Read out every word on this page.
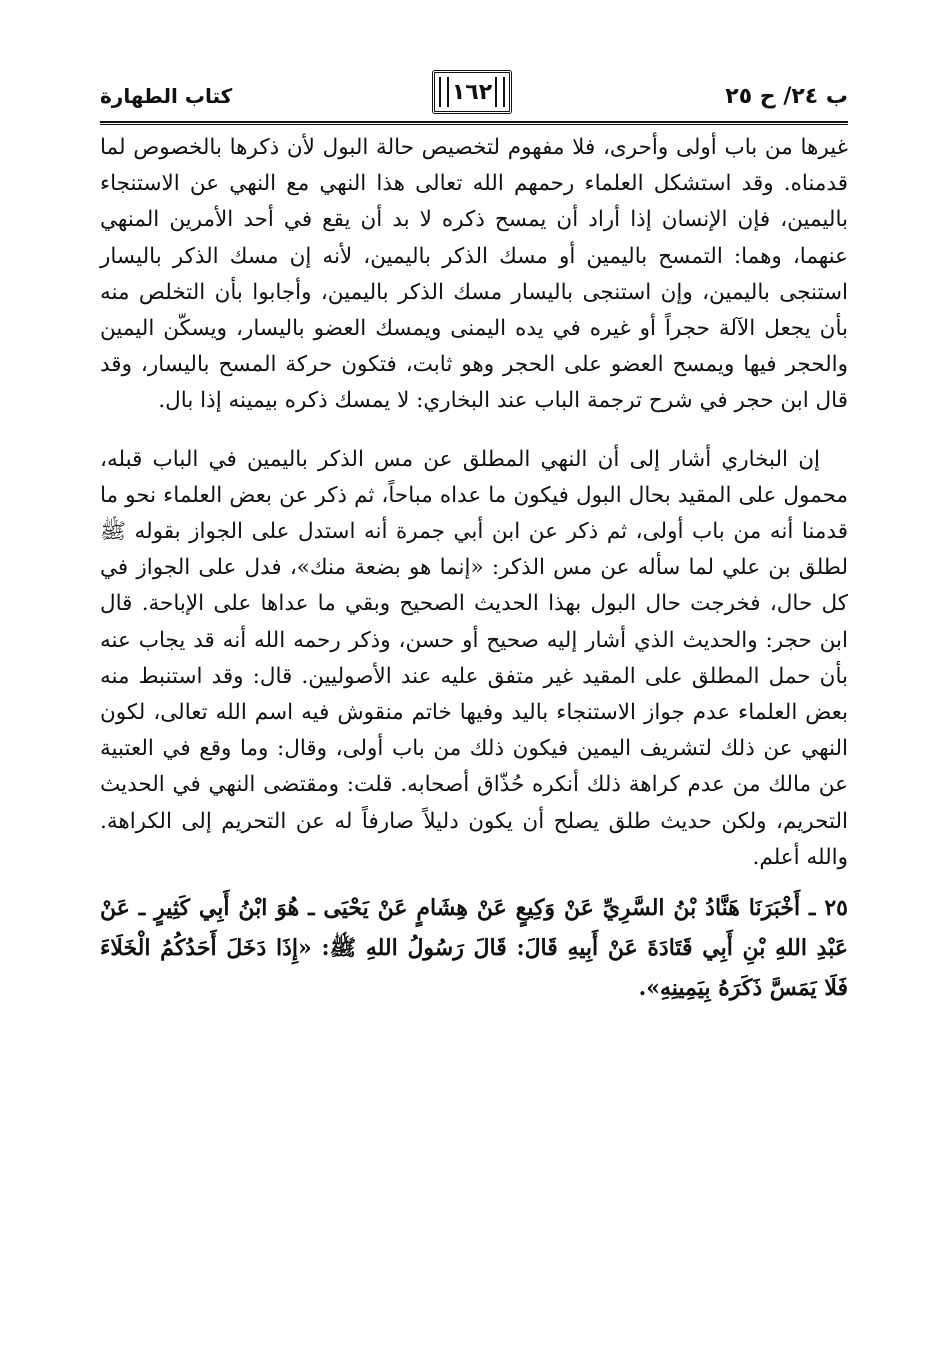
ب ٢٤/ ح ٢٥
١٦٢
كتاب الطهارة

غيرها من باب أولى وأحرى، فلا مفهوم لتخصيص حالة البول لأن ذكرها بالخصوص لما قدمناه. وقد استشكل العلماء رحمهم الله تعالى هذا النهي مع النهي عن الاستنجاء باليمين، فإن الإنسان إذا أراد أن يمسح ذكره لا بد أن يقع في أحد الأمرين المنهي عنهما، وهما: التمسح باليمين أو مسك الذكر باليمين، لأنه إن مسك الذكر باليسار استنجى باليمين، وإن استنجى باليسار مسك الذكر باليمين، وأجابوا بأن التخلص منه بأن يجعل الآلة حجراً أو غيره في يده اليمنى ويمسك العضو باليسار، ويسكّن اليمين والحجر فيها ويمسح العضو على الحجر وهو ثابت، فتكون حركة المسح باليسار، وقد قال ابن حجر في شرح ترجمة الباب عند البخاري: لا يمسك ذكره بيمينه إذا بال.

إن البخاري أشار إلى أن النهي المطلق عن مس الذكر باليمين في الباب قبله، محمول على المقيد بحال البول فيكون ما عداه مباحاً، ثم ذكر عن بعض العلماء نحو ما قدمنا أنه من باب أولى، ثم ذكر عن ابن أبي جمرة أنه استدل على الجواز بقوله ﷺ لطلق بن علي لما سأله عن مس الذكر: «إنما هو بضعة منك»، فدل على الجواز في كل حال، فخرجت حال البول بهذا الحديث الصحيح وبقي ما عداها على الإباحة. قال ابن حجر: والحديث الذي أشار إليه صحيح أو حسن، وذكر رحمه الله أنه قد يجاب عنه بأن حمل المطلق على المقيد غير متفق عليه عند الأصوليين. قال: وقد استنبط منه بعض العلماء عدم جواز الاستنجاء باليد وفيها خاتم منقوش فيه اسم الله تعالى، لكون النهي عن ذلك لتشريف اليمين فيكون ذلك من باب أولى، وقال: وما وقع في العتبية عن مالك من عدم كراهة ذلك أنكره حُذّاق أصحابه. قلت: ومقتضى النهي في الحديث التحريم، ولكن حديث طلق يصلح أن يكون دليلاً صارفاً له عن التحريم إلى الكراهة. والله أعلم.

٢٥ ـ أَخْبَرَنَا هَنَّادُ بْنُ السَّرِيِّ عَنْ وَكِيعٍ عَنْ هِشَامٍ عَنْ يَحْيَى ـ هُوَ ابْنُ أَبِي كَثِيرٍ ـ عَنْ عَبْدِ اللهِ بْنِ أَبِي قَتَادَةَ عَنْ أَبِيهِ قَالَ: قَالَ رَسُولُ اللهِ ﷺ: «إِذَا دَخَلَ أَحَدُكُمُ الْخَلَاءَ فَلَا يَمَسَّ ذَكَرَهُ بِيَمِينِهِ».
